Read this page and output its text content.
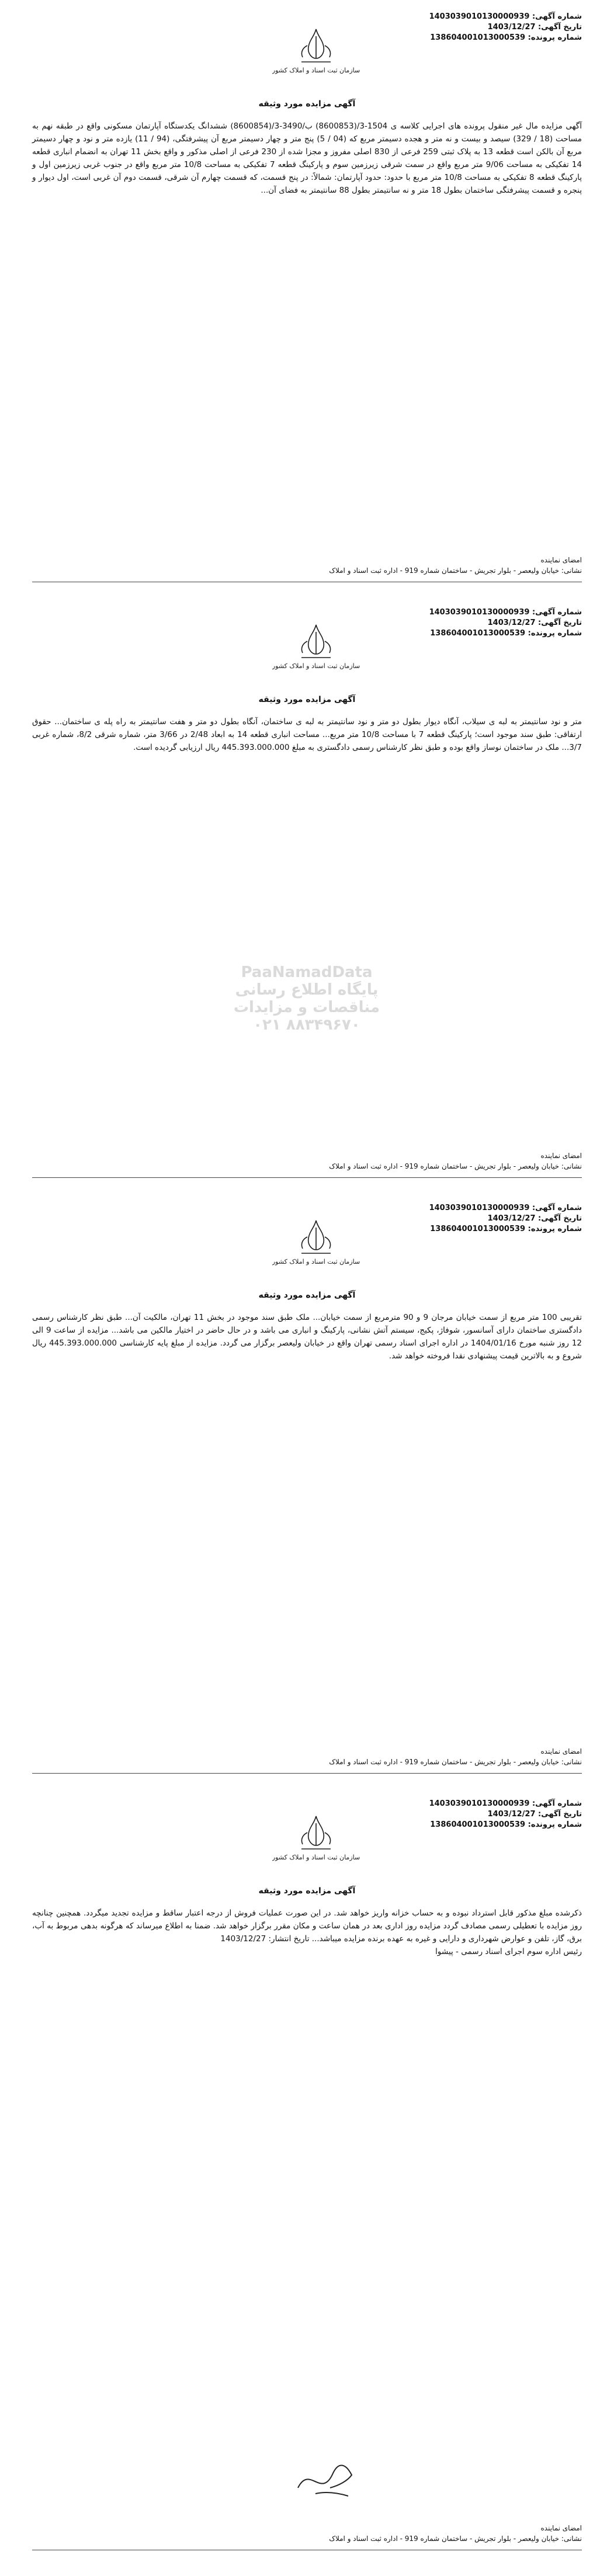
شماره آگهی: 1403039010130000939
تاریخ آگهی: 1403/12/27
شماره پرونده: 138604001013000539
سازمان ثبت اسناد و املاک کشور
آگهی مزایده مورد وثیقه
آگهی مزایده مال غیر منقول پرونده های اجرایی کلاسه ی 1504-3/(8600853) ب/3490-3/(8600854) ششدانگ یکدستگاه آپارتمان مسکونی واقع در طبقه نهم به مساحت (18 / 329) سیصد و بیست و نه متر و هجده دسیمتر مربع که (04 / 5) پنج متر و چهار دسیمتر مربع آن پیشرفتگی، (94 / 11) یازده متر و نود و چهار دسیمتر مربع آن بالکن است قطعه 13 به پلاک ثبتی 259 فرعی از 830 اصلی مفروز و مجزا شده از 230 فرعی از اصلی مذکور و واقع بخش 11 تهران به انضمام انباری قطعه 14 تفکیکی به مساحت 9/06 متر مربع واقع در سمت شرقی زیرزمین سوم و پارکینگ قطعه 7 تفکیکی به مساحت 10/8 متر مربع واقع در جنوب غربی زیرزمین اول و پارکینگ قطعه 8 تفکیکی به مساحت 10/8 متر مربع با حدود: حدود آپارتمان: شمالاً: در پنج قسمت، که قسمت چهارم آن شرقی، قسمت دوم آن غربی است، اول دیوار و پنجره و قسمت پیشرفتگی ساختمان بطول 18 متر و نه سانتیمتر بطول 88 سانتیمتر به فضای آن...
امضای نماینده
نشانی: خیابان ولیعصر - بلوار تجریش - ساختمان شماره 919 - اداره ثبت اسناد و املاک
شماره آگهی: 1403039010130000939
تاریخ آگهی: 1403/12/27
شماره پرونده: 138604001013000539
سازمان ثبت اسناد و املاک کشور
آگهی مزایده مورد وثیقه
متر و نود سانتیمتر به لبه ی سیلاب، آنگاه دیوار بطول دو متر و نود سانتیمتر به لبه ی ساختمان، آنگاه بطول دو متر و هفت سانتیمتر به راه پله ی ساختمان... حقوق ارتفاقی: طبق سند موجود است؛ پارکینگ قطعه 7 با مساحت 10/8 متر مربع... مساحت انباری قطعه 14 به ابعاد 2/48 در 3/66 متر، شماره شرقی 8/2، شماره غربی 3/7... ملک در ساختمان نوساز واقع بوده و طبق نظر کارشناس رسمی دادگستری به مبلغ 445.393.000.000 ریال ارزیابی گردیده است.
امضای نماینده
نشانی: خیابان ولیعصر - بلوار تجریش - ساختمان شماره 919 - اداره ثبت اسناد و املاک
PaaNamadData
پایگاه اطلاع رسانی مناقصات و مزایدات
۰۲۱ ۸۸۳۴۹۶۷۰
شماره آگهی: 1403039010130000939
تاریخ آگهی: 1403/12/27
شماره پرونده: 138604001013000539
سازمان ثبت اسناد و املاک کشور
آگهی مزایده مورد وثیقه
تقریبی 100 متر مربع از سمت خیابان مرجان 9 و 90 مترمربع از سمت خیابان... ملک طبق سند موجود در بخش 11 تهران، مالکیت آن... طبق نظر کارشناس رسمی دادگستری ساختمان دارای آسانسور، شوفاژ، پکیج، سیستم آتش نشانی، پارکینگ و انباری می باشد و در حال حاضر در اختیار مالکین می باشد... مزایده از ساعت 9 الی 12 روز شنبه مورخ 1404/01/16 در اداره اجرای اسناد رسمی تهران واقع در خیابان ولیعصر برگزار می گردد. مزایده از مبلغ پایه کارشناسی 445.393.000.000 ریال شروع و به بالاترین قیمت پیشنهادی نقدا فروخته خواهد شد.
امضای نماینده
نشانی: خیابان ولیعصر - بلوار تجریش - ساختمان شماره 919 - اداره ثبت اسناد و املاک
شماره آگهی: 1403039010130000939
تاریخ آگهی: 1403/12/27
شماره پرونده: 138604001013000539
سازمان ثبت اسناد و املاک کشور
آگهی مزایده مورد وثیقه
ذکرشده مبلغ مذکور قابل استرداد نبوده و به حساب خزانه واریز خواهد شد. در این صورت عملیات فروش از درجه اعتبار ساقط و مزایده تجدید میگردد. همچنین چنانچه روز مزایده با تعطیلی رسمی مصادف گردد مزایده روز اداری بعد در همان ساعت و مکان مقرر برگزار خواهد شد. ضمنا به اطلاع میرساند که هرگونه بدهی مربوط به آب، برق، گاز، تلفن و عوارض شهرداری و دارایی و غیره به عهده برنده مزایده میباشد... تاریخ انتشار: 1403/12/27
رئیس اداره سوم اجرای اسناد رسمی - پیشوا
امضای نماینده
نشانی: خیابان ولیعصر - بلوار تجریش - ساختمان شماره 919 - اداره ثبت اسناد و املاک
